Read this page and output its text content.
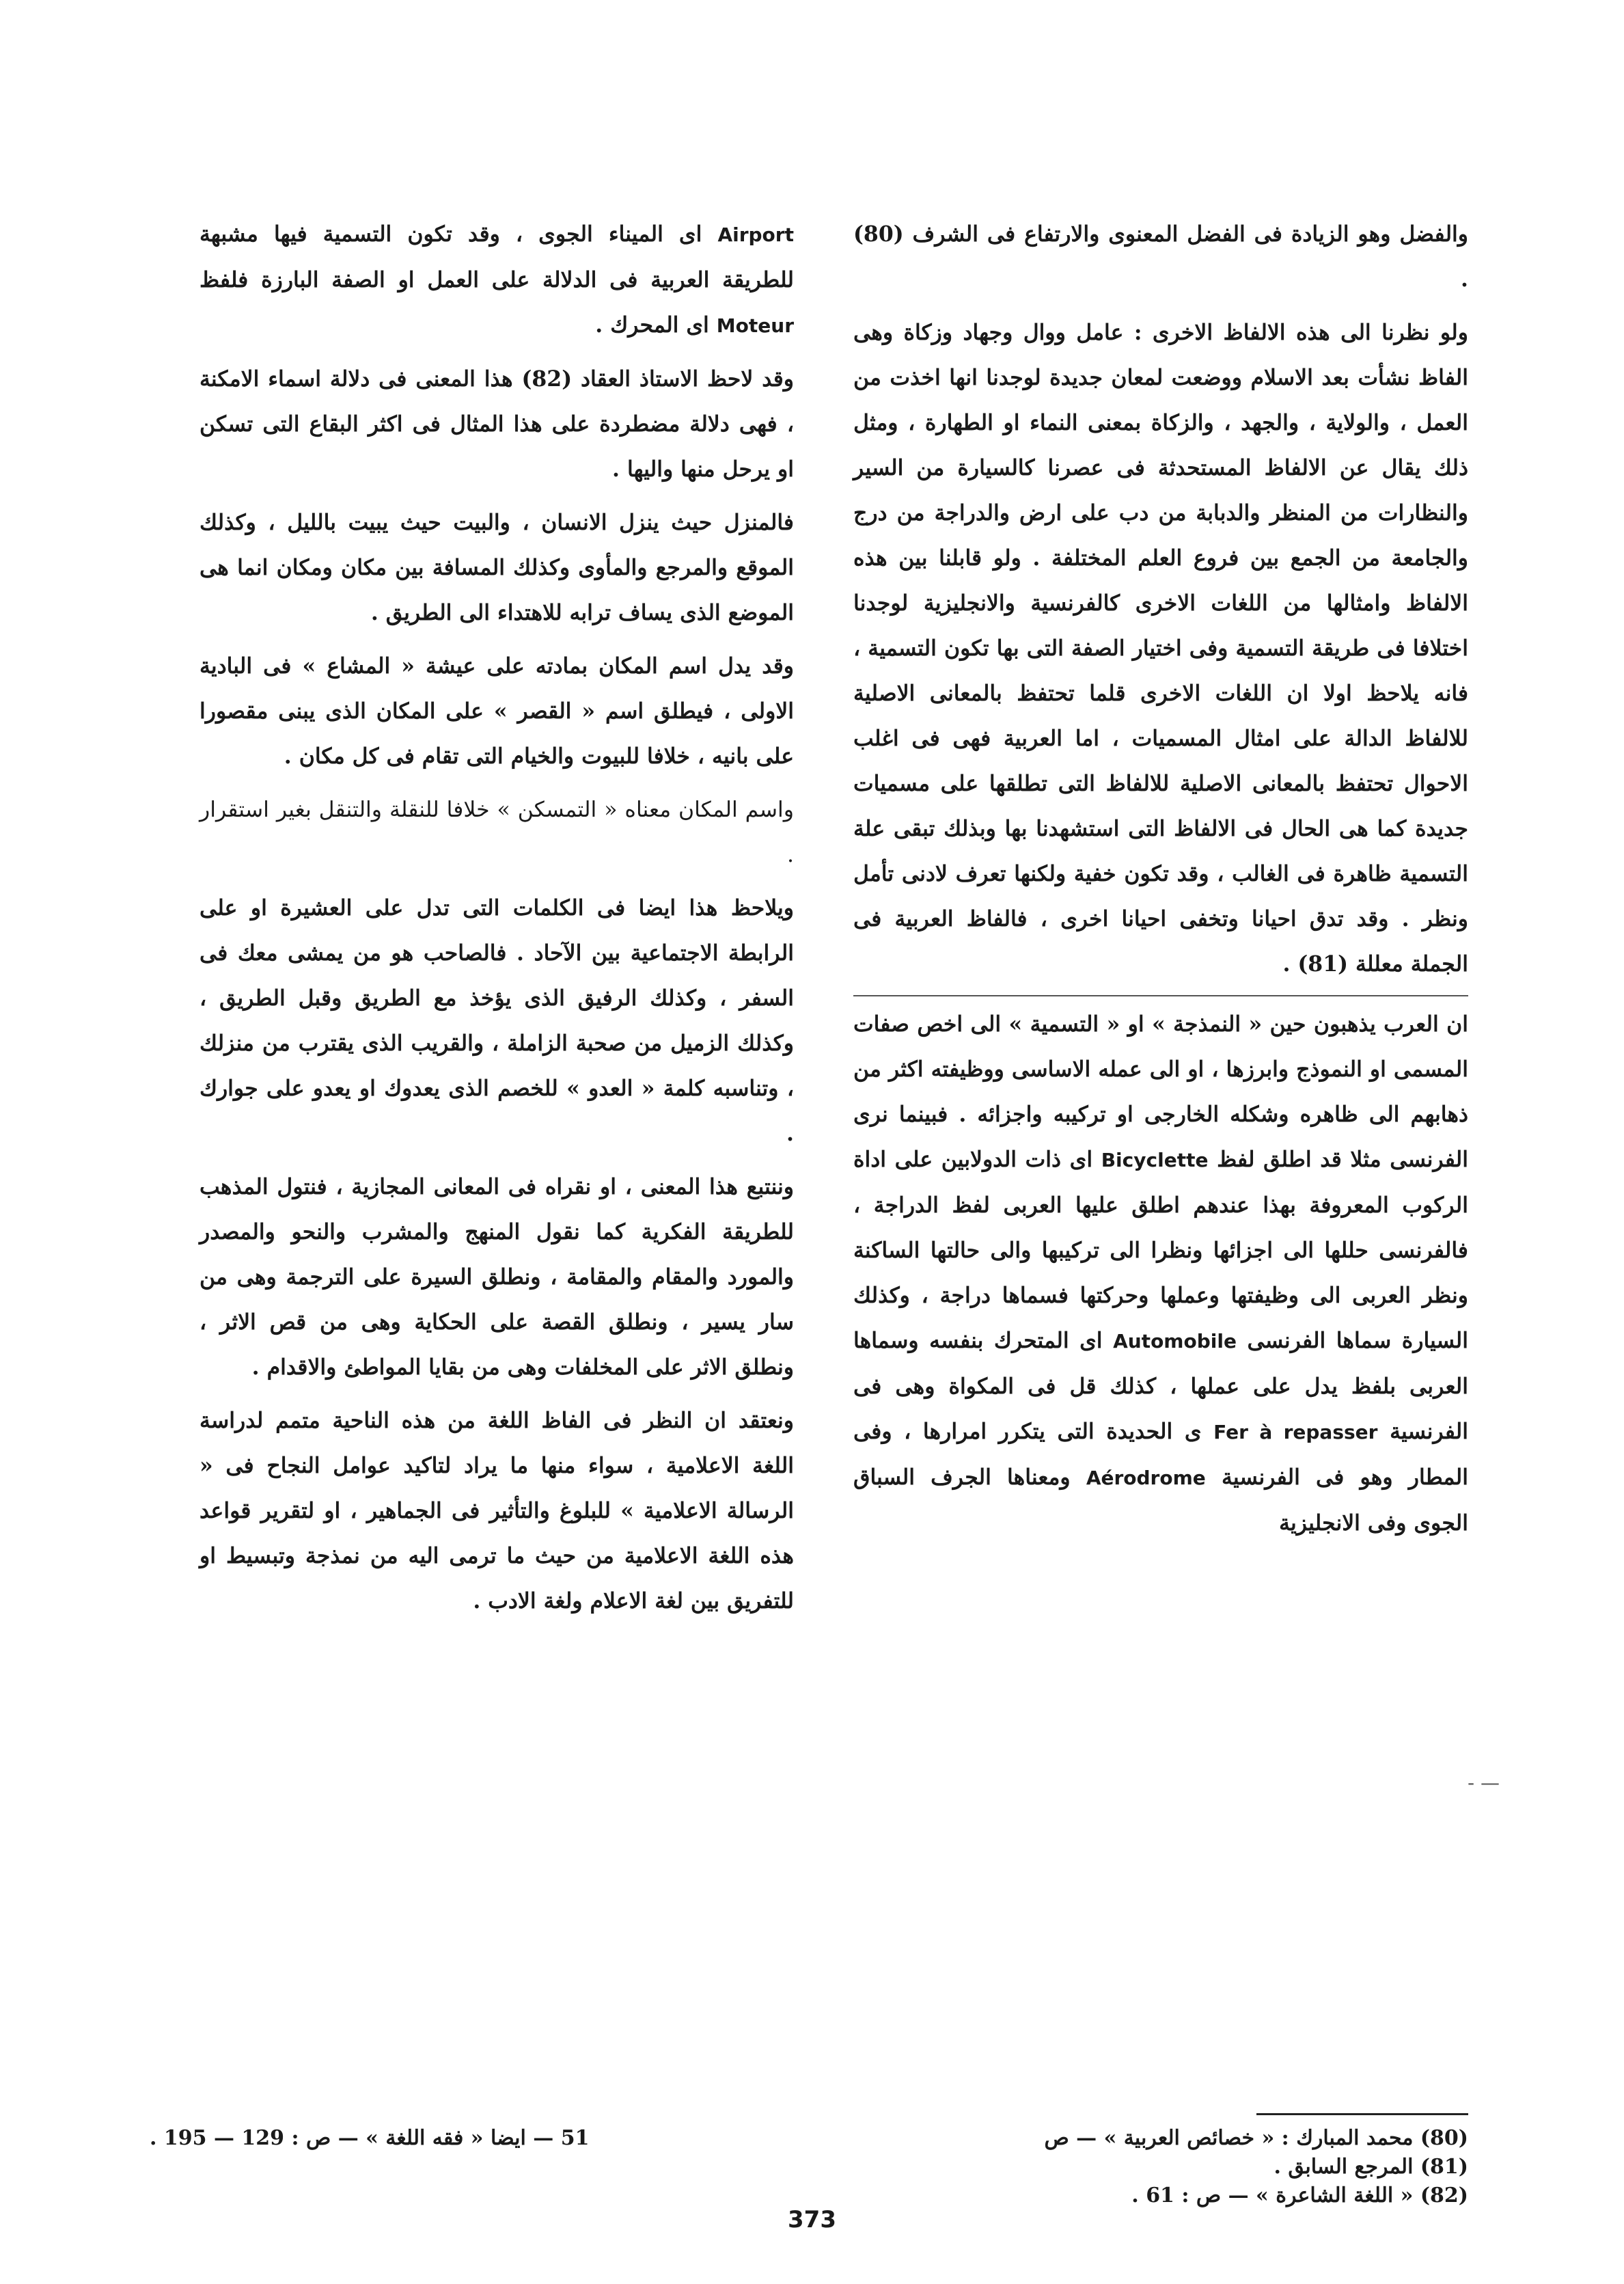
والفضل وهو الزيادة فى الفضل المعنوى والارتفاع فى الشرف (80) .

ولو نظرنا الى هذه الالفاظ الاخرى : عامل ووال وجهاد وزكاة وهى الفاظ نشأت بعد الاسلام ووضعت لمعان جديدة لوجدنا انها اخذت من العمل ، والولاية ، والجهد ، والزكاة بمعنى النماء او الطهارة ، ومثل ذلك يقال عن الالفاظ المستحدثة فى عصرنا كالسيارة من السير والنظارات من المنظر والدبابة من دب على ارض والدراجة من درج والجامعة من الجمع بين فروع العلم المختلفة . ولو قابلنا بين هذه الالفاظ وامثالها من اللغات الاخرى كالفرنسية والانجليزية لوجدنا اختلافا فى طريقة التسمية وفى اختيار الصفة التى بها تكون التسمية ، فانه يلاحظ اولا ان اللغات الاخرى قلما تحتفظ بالمعانى الاصلية للالفاظ الدالة على امثال المسميات ، اما العربية فهى فى اغلب الاحوال تحتفظ بالمعانى الاصلية للالفاظ التى تطلقها على مسميات جديدة كما هى الحال فى الالفاظ التى استشهدنا بها وبذلك تبقى علة التسمية ظاهرة فى الغالب ، وقد تكون خفية ولكنها تعرف لادنى تأمل ونظر . وقد تدق احيانا وتخفى احيانا اخرى ، فالفاظ العربية فى الجملة معللة (81) .

ان العرب يذهبون حين « النمذجة » او « التسمية » الى اخص صفات المسمى او النموذج وابرزها ، او الى عمله الاساسى ووظيفته اكثر من ذهابهم الى ظاهره وشكله الخارجى او تركيبه واجزائه . فبينما نرى الفرنسى مثلا قد اطلق لفظ Bicyclette اى ذات الدولابين على اداة الركوب المعروفة بهذا عندهم اطلق عليها العربى لفظ الدراجة ، فالفرنسى حللها الى اجزائها ونظرا الى تركيبها والى حالتها الساكنة ونظر العربى الى وظيفتها وعملها وحركتها فسماها دراجة ، وكذلك السيارة سماها الفرنسى Automobile اى المتحرك بنفسه وسماها العربى بلفظ يدل على عملها ، كذلك قل فى المكواة وهى فى الفرنسية Fer à repasser ى الحديدة التى يتكرر امرارها ، وفى المطار وهو فى الفرنسية Aérodrome ومعناها الجرف السباق الجوى وفى الانجليزية

Airport اى الميناء الجوى ، وقد تكون التسمية فيها مشبهة للطريقة العربية فى الدلالة على العمل او الصفة البارزة فلفظ Moteur اى المحرك .

وقد لاحظ الاستاذ العقاد (82) هذا المعنى فى دلالة اسماء الامكنة ، فهى دلالة مضطردة على هذا المثال فى اكثر البقاع التى تسكن او يرحل منها واليها .

فالمنزل حيث ينزل الانسان ، والبيت حيث يبيت بالليل ، وكذلك الموقع والمرجع والمأوى وكذلك المسافة بين مكان ومكان انما هى الموضع الذى يساف ترابه للاهتداء الى الطريق .

وقد يدل اسم المكان بمادته على عيشة « المشاع » فى البادية الاولى ، فيطلق اسم « القصر » على المكان الذى يبنى مقصورا على بانيه ، خلافا للبيوت والخيام التى تقام فى كل مكان .

واسم المكان معناه « التمسكن » خلافا للنقلة والتنقل بغير استقرار .

ويلاحظ هذا ايضا فى الكلمات التى تدل على العشيرة او على الرابطة الاجتماعية بين الآحاد . فالصاحب هو من يمشى معك فى السفر ، وكذلك الرفيق الذى يؤخذ مع الطريق وقبل الطريق ، وكذلك الزميل من صحبة الزاملة ، والقريب الذى يقترب من منزلك ، وتناسبه كلمة « العدو » للخصم الذى يعدوك او يعدو على جوارك .

وننتبع هذا المعنى ، او نقراه فى المعانى المجازية ، فنتول المذهب للطريقة الفكرية كما نقول المنهج والمشرب والنحو والمصدر والمورد والمقام والمقامة ، ونطلق السيرة على الترجمة وهى من سار يسير ، ونطلق القصة على الحكاية وهى من قص الاثر ، ونطلق الاثر على المخلفات وهى من بقايا المواطئ والاقدام .

ونعتقد ان النظر فى الفاظ اللغة من هذه الناحية متمم لدراسة اللغة الاعلامية ، سواء منها ما يراد لتاكيد عوامل النجاح فى « الرسالة الاعلامية » للبلوغ والتأثير فى الجماهير ، او لتقرير قواعد هذه اللغة الاعلامية من حيث ما ترمى اليه من نمذجة وتبسيط او للتفريق بين لغة الاعلام ولغة الادب .

— -
(80) محمد المبارك : « خصائص العربية » — ص
51 — ايضا « فقه اللغة » — ص : 129 — 195 .
(81) المرجع السابق .
(82) « اللغة الشاعرة » — ص : 61 .
373
